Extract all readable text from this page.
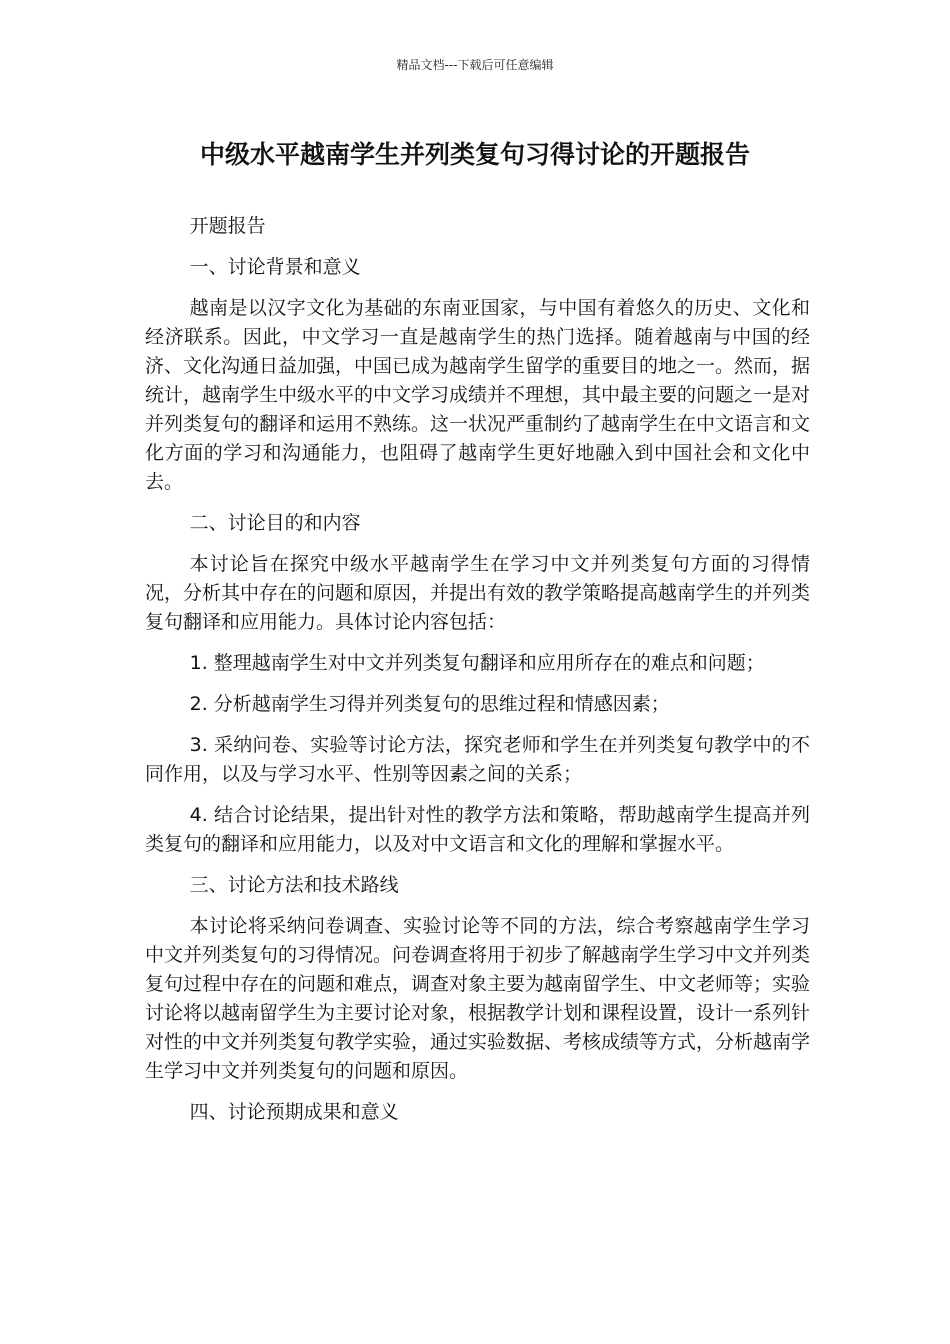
精品文档---下载后可任意编辑
中级水平越南学生并列类复句习得讨论的开题报告

开题报告

一、讨论背景和意义

越南是以汉字文化为基础的东南亚国家，与中国有着悠久的历史、文化和经济联系。因此，中文学习一直是越南学生的热门选择。随着越南与中国的经济、文化沟通日益加强，中国已成为越南学生留学的重要目的地之一。然而，据统计，越南学生中级水平的中文学习成绩并不理想，其中最主要的问题之一是对并列类复句的翻译和运用不熟练。这一状况严重制约了越南学生在中文语言和文化方面的学习和沟通能力，也阻碍了越南学生更好地融入到中国社会和文化中去。

二、讨论目的和内容

本讨论旨在探究中级水平越南学生在学习中文并列类复句方面的习得情况，分析其中存在的问题和原因，并提出有效的教学策略提高越南学生的并列类复句翻译和应用能力。具体讨论内容包括：

1. 整理越南学生对中文并列类复句翻译和应用所存在的难点和问题；

2. 分析越南学生习得并列类复句的思维过程和情感因素；

3. 采纳问卷、实验等讨论方法，探究老师和学生在并列类复句教学中的不同作用，以及与学习水平、性别等因素之间的关系；

4. 结合讨论结果，提出针对性的教学方法和策略，帮助越南学生提高并列类复句的翻译和应用能力，以及对中文语言和文化的理解和掌握水平。

三、讨论方法和技术路线

本讨论将采纳问卷调查、实验讨论等不同的方法，综合考察越南学生学习中文并列类复句的习得情况。问卷调查将用于初步了解越南学生学习中文并列类复句过程中存在的问题和难点，调查对象主要为越南留学生、中文老师等；实验讨论将以越南留学生为主要讨论对象，根据教学计划和课程设置，设计一系列针对性的中文并列类复句教学实验，通过实验数据、考核成绩等方式，分析越南学生学习中文并列类复句的问题和原因。

四、讨论预期成果和意义
